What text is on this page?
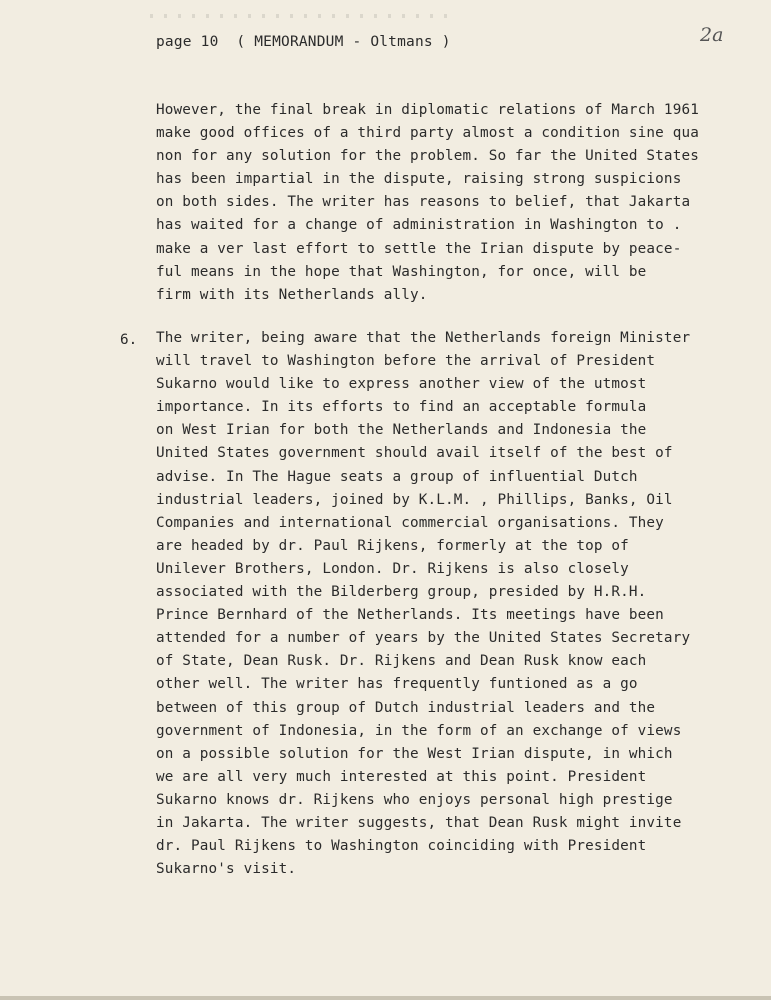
page 10  ( MEMORANDUM - Oltmans )	2a
However, the final break in diplomatic relations of March 1961
make good offices of a third party almost a condition sine qua
non for any solution for the problem. So far the United States
has been impartial in the dispute, raising strong suspicions
on both sides. The writer has reasons to belief, that Jakarta
has waited for a change of administration in Washington to .
make a ver last effort to settle the Irian dispute by peace-
ful means in the hope that Washington, for once, will be
firm with its Netherlands ally.
6. The writer, being aware that the Netherlands foreign Minister
will travel to Washington before the arrival of President
Sukarno would like to express another view of the utmost
importance. In its efforts to find an acceptable formula
on West Irian for both the Netherlands and Indonesia the
United States government should avail itself of the best of
advise. In The Hague seats a group of influential Dutch
industrial leaders, joined by K.L.M. , Phillips, Banks, Oil
Companies and international commercial organisations. They
are headed by dr. Paul Rijkens, formerly at the top of
Unilever Brothers, London. Dr. Rijkens is also closely
associated with the Bilderberg group, presided by H.R.H.
Prince Bernhard of the Netherlands. Its meetings have been
attended for a number of years by the United States Secretary
of State, Dean Rusk. Dr. Rijkens and Dean Rusk know each
other well. The writer has frequently funtioned as a go
between of this group of Dutch industrial leaders and the
government of Indonesia, in the form of an exchange of views
on a possible solution for the West Irian dispute, in which
we are all very much interested at this point. President
Sukarno knows dr. Rijkens who enjoys personal high prestige
in Jakarta. The writer suggests, that Dean Rusk might invite
dr. Paul Rijkens to Washington coinciding with President
Sukarno's visit.
